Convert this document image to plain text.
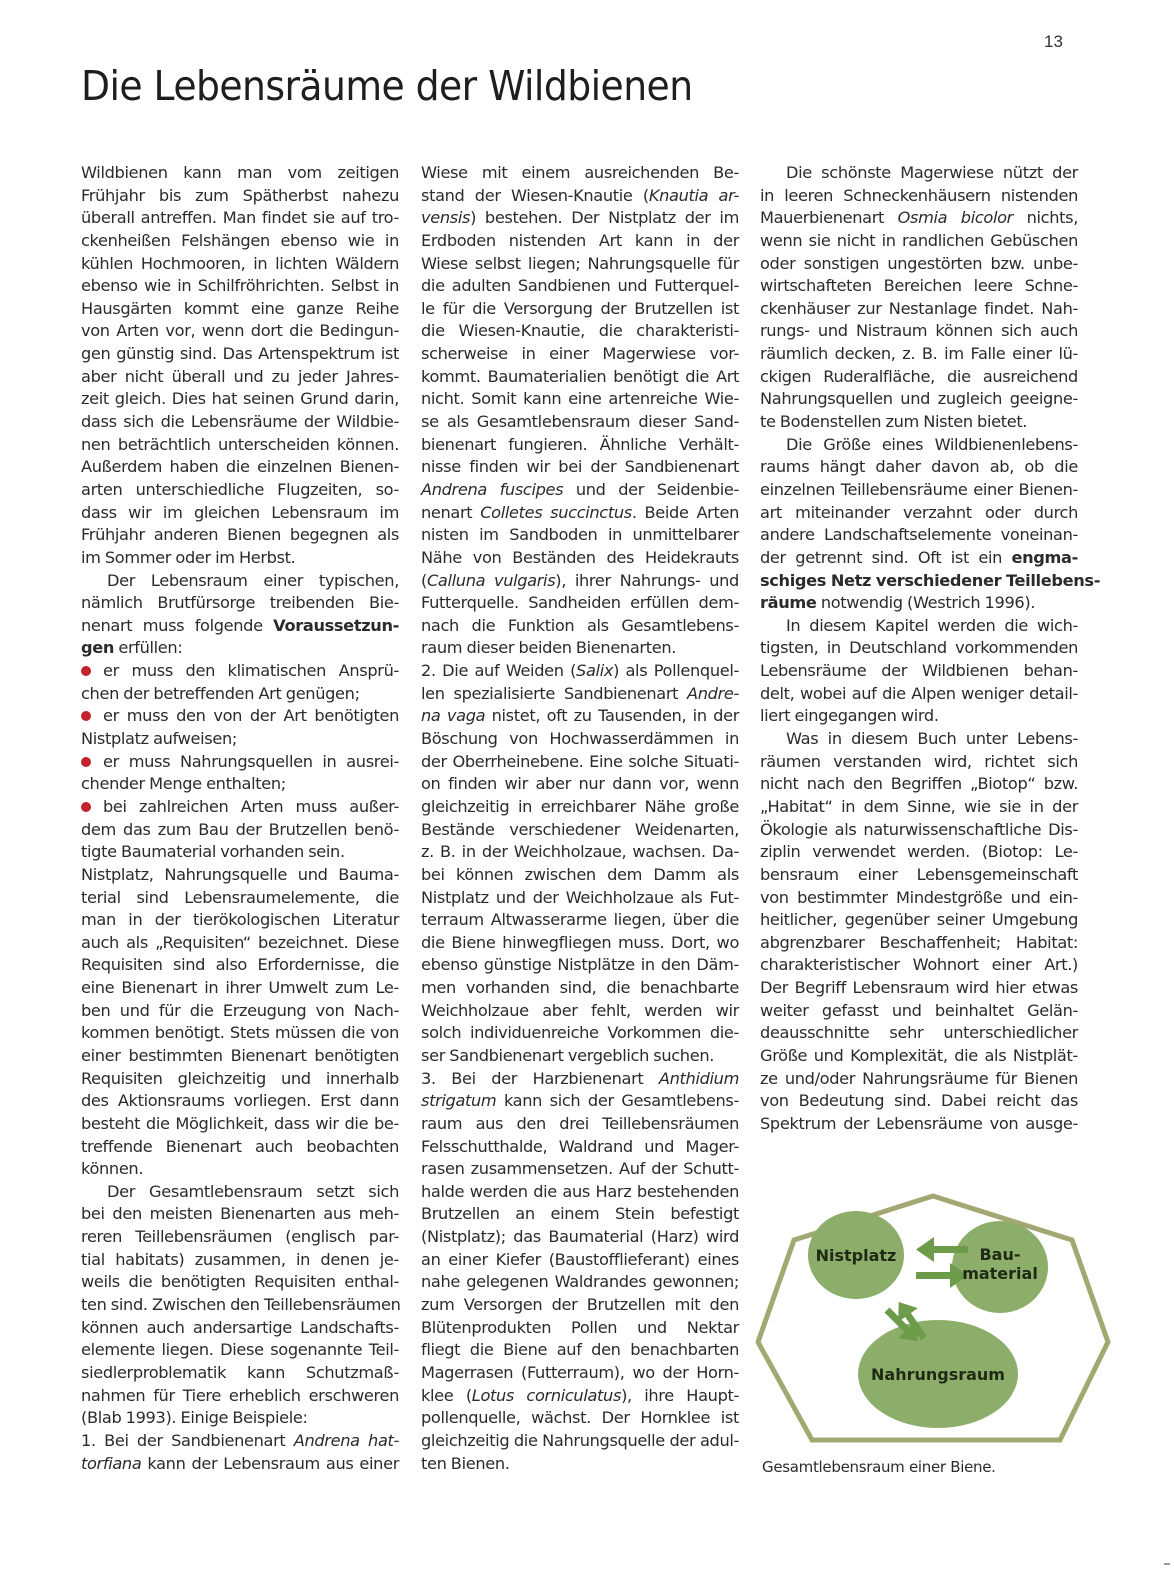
13
Die Lebensräume der Wildbienen
Wildbienen kann man vom zeitigen
Frühjahr bis zum Spätherbst nahezu
überall antreffen. Man findet sie auf tro-
ckenheißen Felshängen ebenso wie in
kühlen Hochmooren, in lichten Wäldern
ebenso wie in Schilfröhrichten. Selbst in
Hausgärten kommt eine ganze Reihe
von Arten vor, wenn dort die Bedingun-
gen günstig sind. Das Artenspektrum ist
aber nicht überall und zu jeder Jahres-
zeit gleich. Dies hat seinen Grund darin,
dass sich die Lebensräume der Wildbie-
nen beträchtlich unterscheiden können.
Außerdem haben die einzelnen Bienen-
arten unterschiedliche Flugzeiten, so-
dass wir im gleichen Lebensraum im
Frühjahr anderen Bienen begegnen als
im Sommer oder im Herbst.
Der Lebensraum einer typischen,
nämlich Brutfürsorge treibenden Bie-
nenart muss folgende Voraussetzun-
gen erfüllen:
er muss den klimatischen Ansprü-
chen der betreffenden Art genügen;
er muss den von der Art benötigten
Nistplatz aufweisen;
er muss Nahrungsquellen in ausrei-
chender Menge enthalten;
bei zahlreichen Arten muss außer-
dem das zum Bau der Brutzellen benö-
tigte Baumaterial vorhanden sein.
Nistplatz, Nahrungsquelle und Bauma-
terial sind Lebensraumelemente, die
man in der tierökologischen Literatur
auch als „Requisiten“ bezeichnet. Diese
Requisiten sind also Erfordernisse, die
eine Bienenart in ihrer Umwelt zum Le-
ben und für die Erzeugung von Nach-
kommen benötigt. Stets müssen die von
einer bestimmten Bienenart benötigten
Requisiten gleichzeitig und innerhalb
des Aktionsraums vorliegen. Erst dann
besteht die Möglichkeit, dass wir die be-
treffende Bienenart auch beobachten
können.
Der Gesamtlebensraum setzt sich
bei den meisten Bienenarten aus meh-
reren Teillebensräumen (englisch par-
tial habitats) zusammen, in denen je-
weils die benötigten Requisiten enthal-
ten sind. Zwischen den Teillebensräumen
können auch andersartige Landschafts-
elemente liegen. Diese sogenannte Teil-
siedlerproblematik kann Schutzmaß-
nahmen für Tiere erheblich erschweren
(Blab 1993). Einige Beispiele:
1. Bei der Sandbienenart Andrena hat-
torfiana kann der Lebensraum aus einer
Wiese mit einem ausreichenden Be-
stand der Wiesen-Knautie (Knautia ar-
vensis) bestehen. Der Nistplatz der im
Erdboden nistenden Art kann in der
Wiese selbst liegen; Nahrungsquelle für
die adulten Sandbienen und Futterquel-
le für die Versorgung der Brutzellen ist
die Wiesen-Knautie, die charakteristi-
scherweise in einer Magerwiese vor-
kommt. Baumaterialien benötigt die Art
nicht. Somit kann eine artenreiche Wie-
se als Gesamtlebensraum dieser Sand-
bienenart fungieren. Ähnliche Verhält-
nisse finden wir bei der Sandbienenart
Andrena fuscipes und der Seidenbie-
nenart Colletes succinctus. Beide Arten
nisten im Sandboden in unmittelbarer
Nähe von Beständen des Heidekrauts
(Calluna vulgaris), ihrer Nahrungs- und
Futterquelle. Sandheiden erfüllen dem-
nach die Funktion als Gesamtlebens-
raum dieser beiden Bienenarten.
2. Die auf Weiden (Salix) als Pollenquel-
len spezialisierte Sandbienenart Andre-
na vaga nistet, oft zu Tausenden, in der
Böschung von Hochwasserdämmen in
der Oberrheinebene. Eine solche Situati-
on finden wir aber nur dann vor, wenn
gleichzeitig in erreichbarer Nähe große
Bestände verschiedener Weidenarten,
z. B. in der Weichholzaue, wachsen. Da-
bei können zwischen dem Damm als
Nistplatz und der Weichholzaue als Fut-
terraum Altwasserarme liegen, über die
die Biene hinwegfliegen muss. Dort, wo
ebenso günstige Nistplätze in den Däm-
men vorhanden sind, die benachbarte
Weichholzaue aber fehlt, werden wir
solch individuenreiche Vorkommen die-
ser Sandbienenart vergeblich suchen.
3. Bei der Harzbienenart Anthidium
strigatum kann sich der Gesamtlebens-
raum aus den drei Teillebensräumen
Felsschutthalde, Waldrand und Mager-
rasen zusammensetzen. Auf der Schutt-
halde werden die aus Harz bestehenden
Brutzellen an einem Stein befestigt
(Nistplatz); das Baumaterial (Harz) wird
an einer Kiefer (Baustofflieferant) eines
nahe gelegenen Waldrandes gewonnen;
zum Versorgen der Brutzellen mit den
Blütenprodukten Pollen und Nektar
fliegt die Biene auf den benachbarten
Magerrasen (Futterraum), wo der Horn-
klee (Lotus corniculatus), ihre Haupt-
pollenquelle, wächst. Der Hornklee ist
gleichzeitig die Nahrungsquelle der adul-
ten Bienen.
Die schönste Magerwiese nützt der
in leeren Schneckenhäusern nistenden
Mauerbienenart Osmia bicolor nichts,
wenn sie nicht in randlichen Gebüschen
oder sonstigen ungestörten bzw. unbe-
wirtschafteten Bereichen leere Schne-
ckenhäuser zur Nestanlage findet. Nah-
rungs- und Nistraum können sich auch
räumlich decken, z. B. im Falle einer lü-
ckigen Ruderalfläche, die ausreichend
Nahrungsquellen und zugleich geeigne-
te Bodenstellen zum Nisten bietet.
Die Größe eines Wildbienenlebens-
raums hängt daher davon ab, ob die
einzelnen Teillebensräume einer Bienen-
art miteinander verzahnt oder durch
andere Landschaftselemente voneinan-
der getrennt sind. Oft ist ein engma-
schiges Netz verschiedener Teillebens-
räume notwendig (Westrich 1996).
In diesem Kapitel werden die wich-
tigsten, in Deutschland vorkommenden
Lebensräume der Wildbienen behan-
delt, wobei auf die Alpen weniger detail-
liert eingegangen wird.
Was in diesem Buch unter Lebens-
räumen verstanden wird, richtet sich
nicht nach den Begriffen „Biotop“ bzw.
„Habitat“ in dem Sinne, wie sie in der
Ökologie als naturwissenschaftliche Dis-
ziplin verwendet werden. (Biotop: Le-
bensraum einer Lebensgemeinschaft
von bestimmter Mindestgröße und ein-
heitlicher, gegenüber seiner Umgebung
abgrenzbarer Beschaffenheit; Habitat:
charakteristischer Wohnort einer Art.)
Der Begriff Lebensraum wird hier etwas
weiter gefasst und beinhaltet Gelän-
deausschnitte sehr unterschiedlicher
Größe und Komplexität, die als Nistplät-
ze und/oder Nahrungsräume für Bienen
von Bedeutung sind. Dabei reicht das
Spektrum der Lebensräume von ausge-
Nistplatz	Bau-
material
Nahrungsraum
Gesamtlebensraum einer Biene.
